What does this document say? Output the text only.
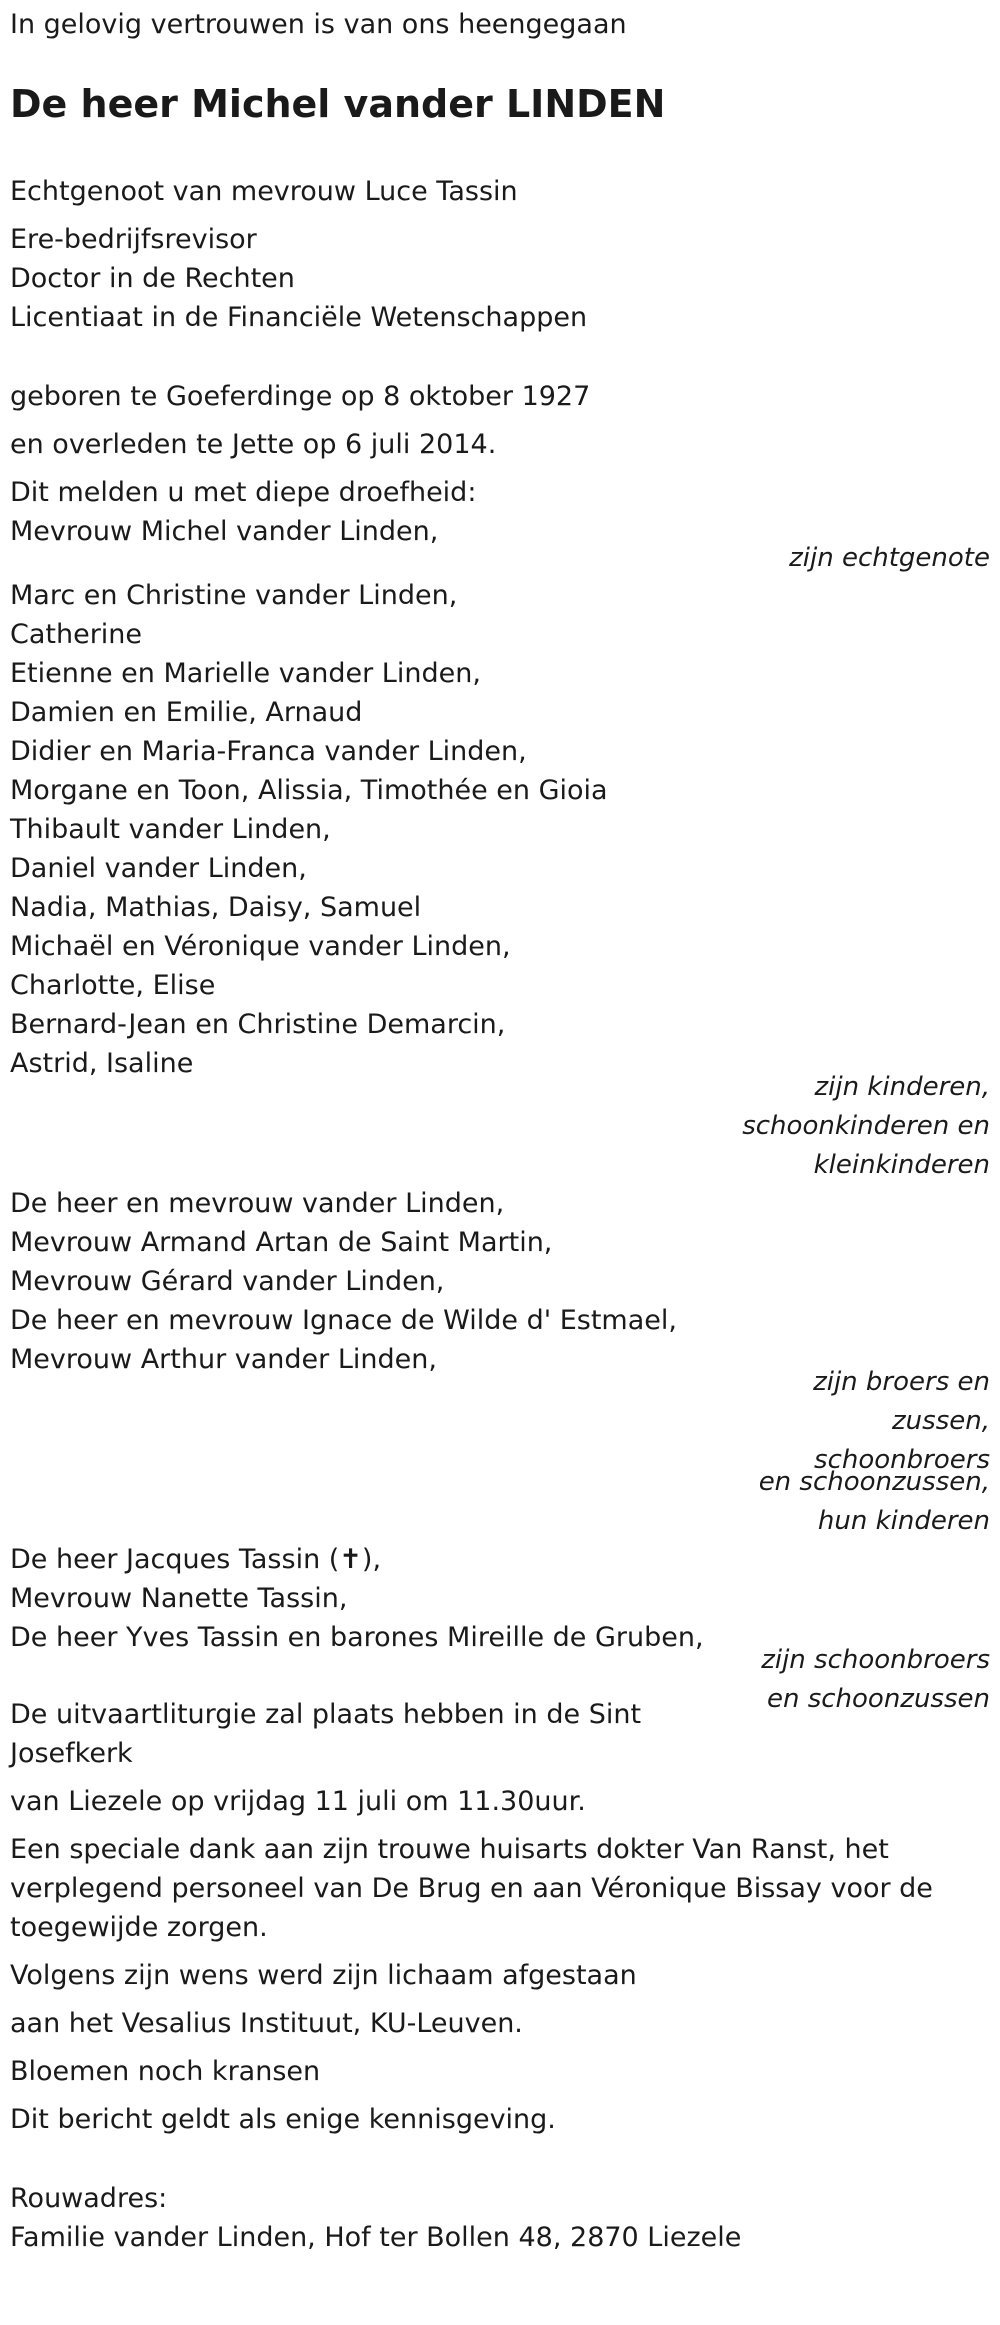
In gelovig vertrouwen is van ons heengegaan
De heer Michel vander LINDEN
Echtgenoot van mevrouw Luce Tassin
Ere-bedrijfsrevisor
Doctor in de Rechten
Licentiaat in de Financiële Wetenschappen
geboren te Goeferdinge op 8 oktober 1927
en overleden te Jette op 6 juli 2014.
Dit melden u met diepe droefheid:
Mevrouw Michel vander Linden,
zijn echtgenote
Marc en Christine vander Linden,
Catherine
Etienne en Marielle vander Linden,
Damien en Emilie, Arnaud
Didier en Maria-Franca vander Linden,
Morgane en Toon, Alissia, Timothée en Gioia
Thibault vander Linden,
Daniel vander Linden,
Nadia, Mathias, Daisy, Samuel
Michaël en Véronique vander Linden,
Charlotte, Elise
Bernard-Jean en Christine Demarcin,
Astrid, Isaline
zijn kinderen,
schoonkinderen en
kleinkinderen
De heer en mevrouw vander Linden,
Mevrouw Armand Artan de Saint Martin,
Mevrouw Gérard vander Linden,
De heer en mevrouw Ignace de Wilde d' Estmael,
Mevrouw Arthur vander Linden,
zijn broers en
zussen,
schoonbroers
en schoonzussen,
hun kinderen
De heer Jacques Tassin (✝),
Mevrouw Nanette Tassin,
De heer Yves Tassin en barones Mireille de Gruben,
zijn schoonbroers
en schoonzussen
De uitvaartliturgie zal plaats hebben in de Sint
Josefkerk
van Liezele op vrijdag 11 juli om 11.30uur.
Een speciale dank aan zijn trouwe huisarts dokter Van Ranst, het
verplegend personeel van De Brug en aan Véronique Bissay voor de
toegewijde zorgen.
Volgens zijn wens werd zijn lichaam afgestaan
aan het Vesalius Instituut, KU-Leuven.
Bloemen noch kransen
Dit bericht geldt als enige kennisgeving.
Rouwadres:
Familie vander Linden, Hof ter Bollen 48, 2870 Liezele
